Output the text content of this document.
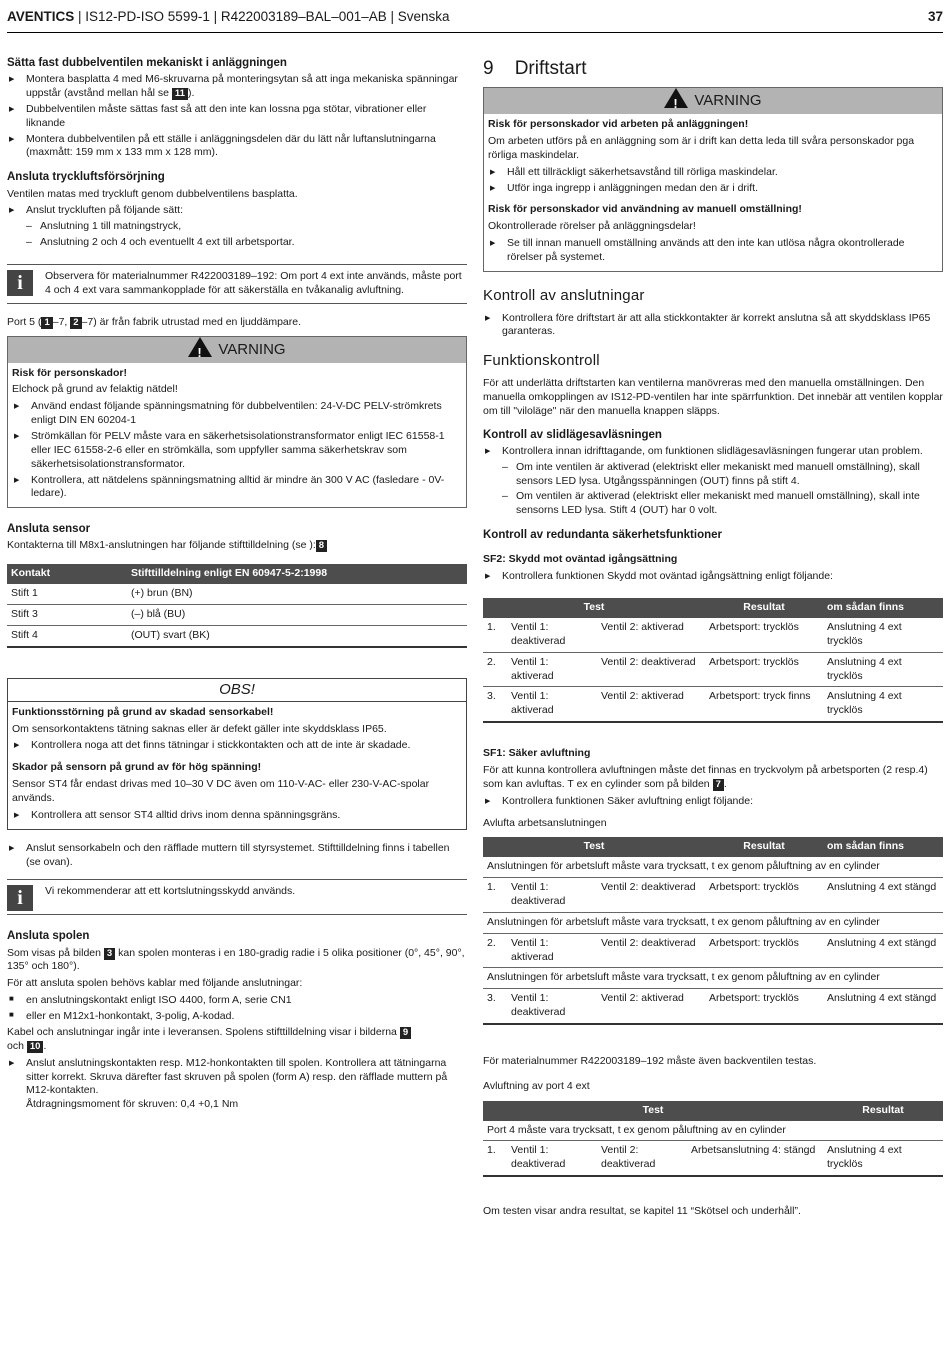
AVENTICS | IS12-PD-ISO 5599-1 | R422003189–BAL–001–AB | Svenska	37
Sätta fast dubbelventilen mekaniskt i anläggningen
▶ Montera basplatta 4 med M6-skruvarna på monteringsytan så att inga mekaniska spänningar uppstår (avstånd mellan hål se 11 ).
▶ Dubbelventilen måste sättas fast så att den inte kan lossna pga stötar, vibrationer eller liknande
▶ Montera dubbelventilen på ett ställe i anläggningsdelen där du lätt når luftanslutningarna (maxmått: 159 mm x 133 mm x 128 mm).
Ansluta tryckluftsförsörjning

Ventilen matas med tryckluft genom dubbelventilens basplatta.

▶ Anslut tryckluften på följande sätt:
– Anslutning 1 till matningstryck,
– Anslutning 2 och 4 och eventuellt 4 ext till arbetsportar.
i	Observera för materialnummer R422003189–192: Om port 4 ext inte används, måste port 4 och 4 ext vara sammankopplade för att säkerställa en tvåkanalig avluftning.

Port 5 ( 1 –7, 2 –7) är från fabrik utrustad med en ljuddämpare.

!VARNING

Risk för personskador!

Elchock på grund av felaktig nätdel!

▶ Använd endast följande spänningsmatning för dubbelventilen: 24-V-DC PELV-strömkrets enligt DIN EN 60204-1
▶ Strömkällan för PELV måste vara en säkerhetsisolationstransformator enligt IEC 61558-1 eller IEC 61558-2-6 eller en strömkälla, som uppfyller samma säkerhetskrav som säkerhetsisolationstransformator.
▶ Kontrollera, att nätdelens spänningsmatning alltid är mindre än 300 V AC (fasledare - 0V-ledare).
Ansluta sensor

Kontakterna till M8x1-anslutningen har följande stifttilldelning (se ): 8

Kontakt	Stifttilldelning enligt EN 60947-5-2:1998
Stift 1	(+) brun (BN)
Stift 3	(–) blå (BU)
Stift 4	(OUT) svart (BK)
OBS!

Funktionsstörning på grund av skadad sensorkabel!

Om sensorkontaktens tätning saknas eller är defekt gäller inte skyddsklass IP65.

▶ Kontrollera noga att det finns tätningar i stickkontakten och att de inte är skadade.

Skador på sensorn på grund av för hög spänning!

Sensor ST4 får endast drivas med 10–30 V DC även om 110-V-AC- eller 230-V-AC-spolar används.

▶ Kontrollera att sensor ST4 alltid drivs inom denna spänningsgräns.
▶ Anslut sensorkabeln och den räfflade muttern till styrsystemet. Stifttilldelning finns i tabellen (se ovan).
i	Vi rekommenderar att ett kortslutningsskydd används.
Ansluta spolen

Som visas på bilden 3 kan spolen monteras i en 180-gradig radie i 5 olika positioner (0°, 45°, 90°, 135° och 180°).

För att ansluta spolen behövs kablar med följande anslutningar:

■ en anslutningskontakt enligt ISO 4400, form A, serie CN1
■ eller en M12x1-honkontakt, 3-polig, A-kodad.

Kabel och anslutningar ingår inte i leveransen. Spolens stifttilldelning visar i bilderna 9
och 10 .

▶ Anslut anslutningskontakten resp. M12-honkontakten till spolen. Kontrollera att tätningarna sitter korrekt. Skruva därefter fast skruven på spolen (form A) resp. den räfflade muttern på M12-kontakten.
Åtdragningsmoment för skruven: 0,4 +0,1 Nm
9 Driftstart
!VARNING

Risk för personskador vid arbeten på anläggningen!

Om arbeten utförs på en anläggning som är i drift kan detta leda till svåra personskador pga rörliga maskindelar.

▶ Håll ett tillräckligt säkerhetsavstånd till rörliga maskindelar.
▶ Utför inga ingrepp i anläggningen medan den är i drift.

Risk för personskador vid användning av manuell omställning!

Okontrollerade rörelser på anläggningsdelar!

▶ Se till innan manuell omställning används att den inte kan utlösa några okontrollerade rörelser på systemet.
Kontroll av anslutningar
▶ Kontrollera före driftstart är att alla stickkontakter är korrekt anslutna så att skyddsklass IP65 garanteras.
Funktionskontroll

För att underlätta driftstarten kan ventilerna manövreras med den manuella omställningen. Den manuella omkopplingen av IS12-PD-ventilen har inte spärrfunktion. Det innebär att ventilen kopplar om till "viloläge" när den manuella knappen släpps.

Kontroll av slidlägesavläsningen
▶ Kontrollera innan idrifttagande, om funktionen slidlägesavläsningen fungerar utan problem.
– Om inte ventilen är aktiverad (elektriskt eller mekaniskt med manuell omställning), skall sensors LED lysa. Utgångsspänningen (OUT) finns på stift 4.
– Om ventilen är aktiverad (elektriskt eller mekaniskt med manuell omställning), skall inte sensorns LED lysa. Stift 4 (OUT) har 0 volt.
Kontroll av redundanta säkerhetsfunktioner

SF2: Skydd mot oväntad igångsättning

▶ Kontrollera funktionen Skydd mot oväntad igångsättning enligt följande:
Test			Resultat	om sådan finns
1.	Ventil 1: deaktiverad	Ventil 2: aktiverad	Arbetsport: trycklös	Anslutning 4 ext trycklös
2.	Ventil 1: aktiverad	Ventil 2: deaktiverad	Arbetsport: trycklös	Anslutning 4 ext trycklös
3.	Ventil 1: aktiverad	Ventil 2: aktiverad	Arbetsport: tryck finns	Anslutning 4 ext trycklös

SF1: Säker avluftning

För att kunna kontrollera avluftningen måste det finnas en tryckvolym på arbetsporten (2 resp.4) som kan avluftas. T ex en cylinder som på bilden 7 .

▶ Kontrollera funktionen Säker avluftning enligt följande:

Avlufta arbetsanslutningen

Test			Resultat	om sådan finns
Anslutningen för arbetsluft måste vara trycksatt, t ex genom påluftning av en cylinder				
1.	Ventil 1: deaktiverad	Ventil 2: deaktiverad	Arbetsport: trycklös	Anslutning 4 ext stängd
Anslutningen för arbetsluft måste vara trycksatt, t ex genom påluftning av en cylinder				
2.	Ventil 1: aktiverad	Ventil 2: deaktiverad	Arbetsport: trycklös	Anslutning 4 ext stängd
Anslutningen för arbetsluft måste vara trycksatt, t ex genom påluftning av en cylinder				
3.	Ventil 1: deaktiverad	Ventil 2: aktiverad	Arbetsport: trycklös	Anslutning 4 ext stängd

För materialnummer R422003189–192 måste även backventilen testas.

Avluftning av port 4 ext

Test				Resultat
Port 4 måste vara trycksatt, t ex genom påluftning av en cylinder				
1.	Ventil 1: deaktiverad	Ventil 2: deaktiverad	Arbetsanslutning 4: stängd	Anslutning 4 ext trycklös

Om testen visar andra resultat, se kapitel 11 “Skötsel och underhåll”.
